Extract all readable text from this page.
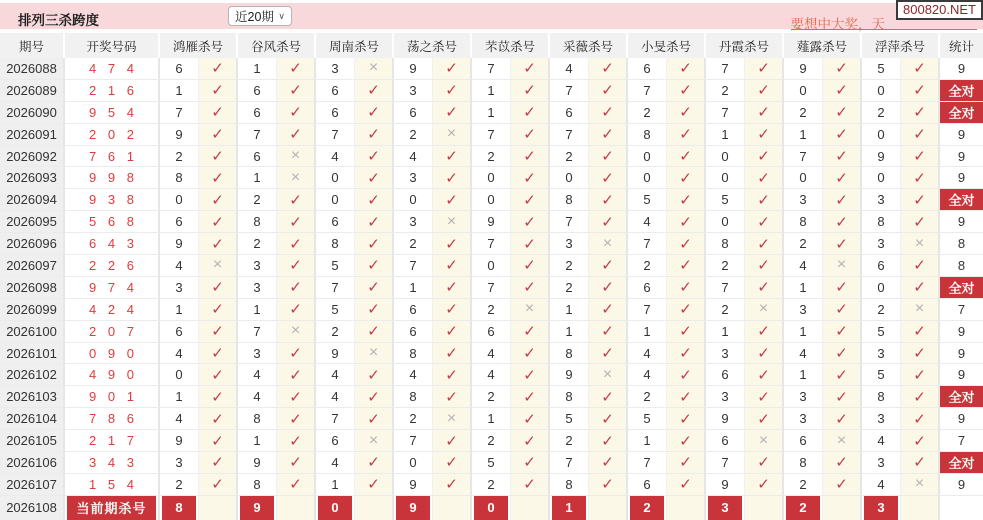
排列三杀跨度	近20期 ∨
要想中大奖，天
800820.NET
期号	开奖号码	鸿雁杀号	谷风杀号	周南杀号	荡之杀号	芣苡杀号	采薇杀号	小旻杀号	丹霞杀号	薤露杀号	浮萍杀号	统计
2026088	4 7 4	6	✓	1	✓	3	×	9	✓	7	✓	4	✓	6	✓	7	✓	9	✓	5	✓	9
2026089	2 1 6	1	✓	6	✓	6	✓	3	✓	1	✓	7	✓	7	✓	2	✓	0	✓	0	✓	全对
2026090	9 5 4	7	✓	6	✓	6	✓	6	✓	1	✓	6	✓	2	✓	7	✓	2	✓	2	✓	全对
2026091	2 0 2	9	✓	7	✓	7	✓	2	×	7	✓	7	✓	8	✓	1	✓	1	✓	0	✓	9
2026092	7 6 1	2	✓	6	×	4	✓	4	✓	2	✓	2	✓	0	✓	0	✓	7	✓	9	✓	9
2026093	9 9 8	8	✓	1	×	0	✓	3	✓	0	✓	0	✓	0	✓	0	✓	0	✓	0	✓	9
2026094	9 3 8	0	✓	2	✓	0	✓	0	✓	0	✓	8	✓	5	✓	5	✓	3	✓	3	✓	全对
2026095	5 6 8	6	✓	8	✓	6	✓	3	×	9	✓	7	✓	4	✓	0	✓	8	✓	8	✓	9
2026096	6 4 3	9	✓	2	✓	8	✓	2	✓	7	✓	3	×	7	✓	8	✓	2	✓	3	×	8
2026097	2 2 6	4	×	3	✓	5	✓	7	✓	0	✓	2	✓	2	✓	2	✓	4	×	6	✓	8
2026098	9 7 4	3	✓	3	✓	7	✓	1	✓	7	✓	2	✓	6	✓	7	✓	1	✓	0	✓	全对
2026099	4 2 4	1	✓	1	✓	5	✓	6	✓	2	×	1	✓	7	✓	2	×	3	✓	2	×	7
2026100	2 0 7	6	✓	7	×	2	✓	6	✓	6	✓	1	✓	1	✓	1	✓	1	✓	5	✓	9
2026101	0 9 0	4	✓	3	✓	9	×	8	✓	4	✓	8	✓	4	✓	3	✓	4	✓	3	✓	9
2026102	4 9 0	0	✓	4	✓	4	✓	4	✓	4	✓	9	×	4	✓	6	✓	1	✓	5	✓	9
2026103	9 0 1	1	✓	4	✓	4	✓	8	✓	2	✓	8	✓	2	✓	3	✓	3	✓	8	✓	全对
2026104	7 8 6	4	✓	8	✓	7	✓	2	×	1	✓	5	✓	5	✓	9	✓	3	✓	3	✓	9
2026105	2 1 7	9	✓	1	✓	6	×	7	✓	2	✓	2	✓	1	✓	6	×	6	×	4	✓	7
2026106	3 4 3	3	✓	9	✓	4	✓	0	✓	5	✓	7	✓	7	✓	7	✓	8	✓	3	✓	全对
2026107	1 5 4	2	✓	8	✓	1	✓	9	✓	2	✓	8	✓	6	✓	9	✓	2	✓	4	×	9
2026108	当前期杀号	8	9	0	9	0	1	2	3	2	3
